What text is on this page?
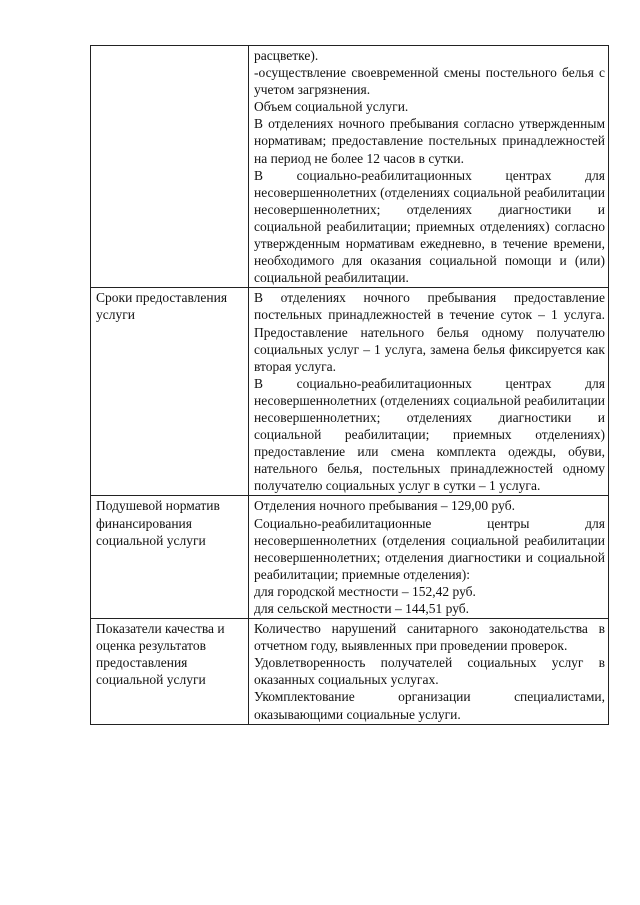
	расцветке).
-осуществление своевременной смены постельного белья с учетом загрязнения.
Объем социальной услуги.
В отделениях ночного пребывания согласно утвержденным нормативам; предоставление постельных принадлежностей на период не более 12 часов в сутки.
В социально-реабилитационных центрах для несовершеннолетних (отделениях социальной реабилитации несовершеннолетних; отделениях диагностики и социальной реабилитации; приемных отделениях) согласно утвержденным нормативам ежедневно, в течение времени, необходимого для оказания социальной помощи и (или) социальной реабилитации.

Сроки предоставления услуги	В отделениях ночного пребывания предоставление постельных принадлежностей в течение суток – 1 услуга. Предоставление нательного белья одному получателю социальных услуг – 1 услуга, замена белья фиксируется как вторая услуга.
В социально-реабилитационных центрах для несовершеннолетних (отделениях социальной реабилитации несовершеннолетних; отделениях диагностики и социальной реабилитации; приемных отделениях) предоставление или смена комплекта одежды, обуви, нательного белья, постельных принадлежностей одному получателю социальных услуг в сутки – 1 услуга.

Подушевой норматив финансирования социальной услуги	Отделения ночного пребывания – 129,00 руб.
Социально-реабилитационные центры для несовершеннолетних (отделения социальной реабилитации несовершеннолетних; отделения диагностики и социальной реабилитации; приемные отделения):
для городской местности – 152,42 руб.
для сельской местности – 144,51 руб.

Показатели качества и оценка результатов предоставления социальной услуги	Количество нарушений санитарного законодательства в отчетном году, выявленных при проведении проверок.
Удовлетворенность получателей социальных услуг в оказанных социальных услугах.
Укомплектование организации специалистами, оказывающими социальные услуги.
